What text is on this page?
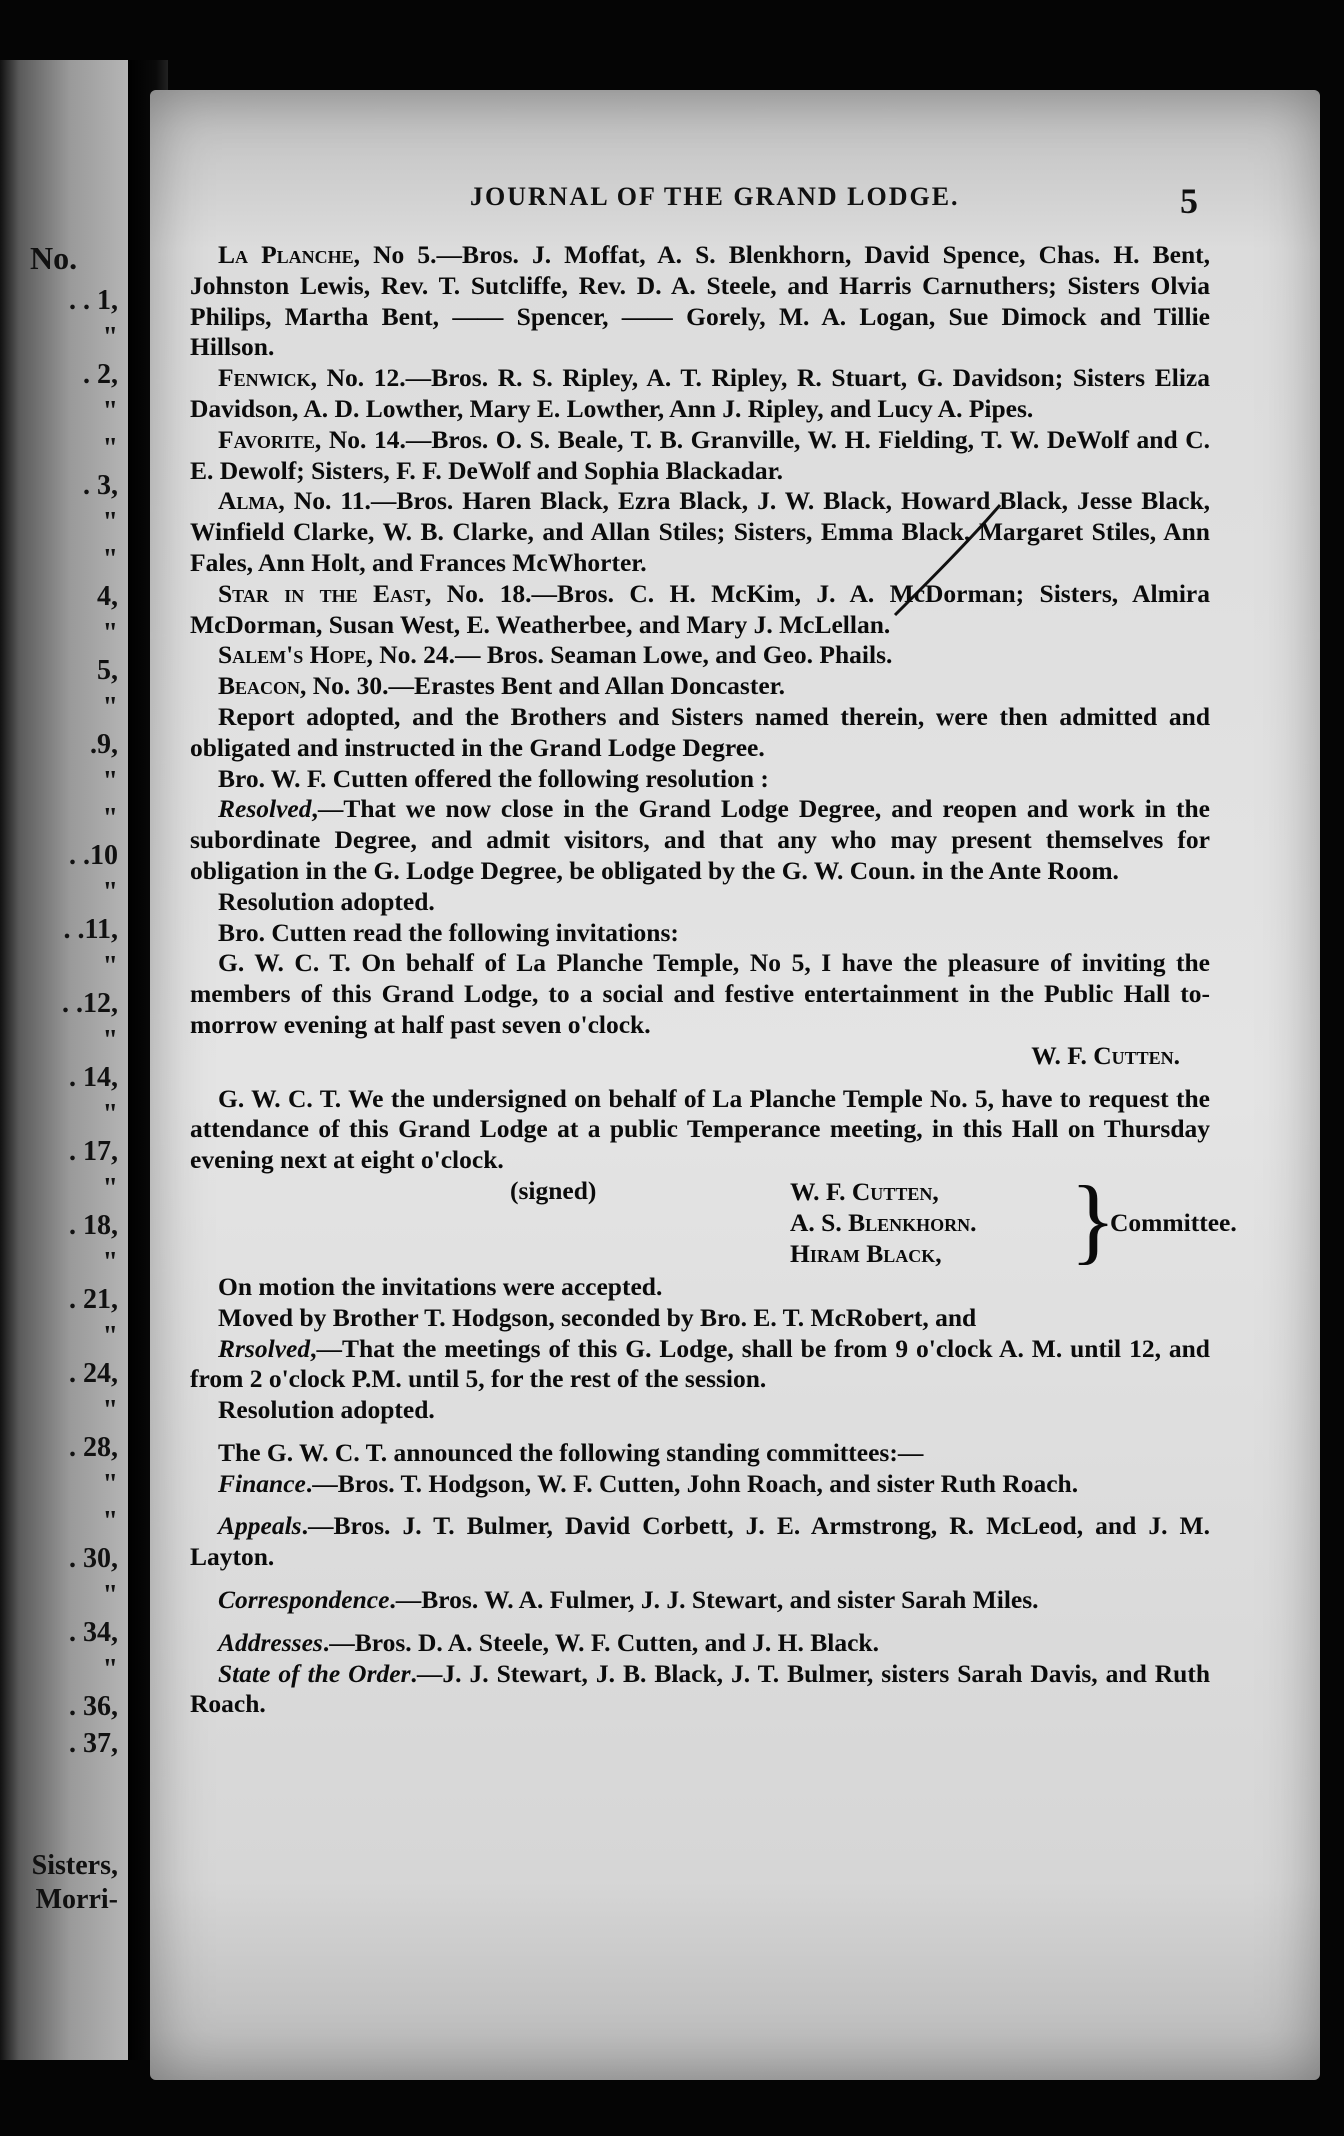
No.
. . 1,
"
. 2,
"
"
. 3,
"
"
4,
"
5,
"
.9,
"
"
. .10
"
. .11,
"
. .12,
"
. 14,
"
. 17,
"
. 18,
"
. 21,
"
. 24,
"
. 28,
"
"
. 30,
"
. 34,
"
. 36,
. 37,
Sisters,
Morri-
JOURNAL OF THE GRAND LODGE.	5

La Planche, No 5.—Bros. J. Moffat, A. S. Blenkhorn, David Spence, Chas. H. Bent, Johnston Lewis, Rev. T. Sutcliffe, Rev. D. A. Steele, and Harris Carnuthers; Sisters Olvia Philips, Martha Bent, —— Spencer, —— Gorely, M. A. Logan, Sue Dimock and Tillie Hillson.

Fenwick, No. 12.—Bros. R. S. Ripley, A. T. Ripley, R. Stuart, G. Davidson; Sisters Eliza Davidson, A. D. Lowther, Mary E. Lowther, Ann J. Ripley, and Lucy A. Pipes.

Favorite, No. 14.—Bros. O. S. Beale, T. B. Granville, W. H. Fielding, T. W. DeWolf and C. E. Dewolf; Sisters, F. F. DeWolf and Sophia Blackadar.

Alma, No. 11.—Bros. Haren Black, Ezra Black, J. W. Black, Howard Black, Jesse Black, Winfield Clarke, W. B. Clarke, and Allan Stiles; Sisters, Emma Black, Margaret Stiles, Ann Fales, Ann Holt, and Frances McWhorter.

Star in the East, No. 18.—Bros. C. H. McKim, J. A. McDorman; Sisters, Almira McDorman, Susan West, E. Weatherbee, and Mary J. McLellan.

Salem's Hope, No. 24.— Bros. Seaman Lowe, and Geo. Phails.

Beacon, No. 30.—Erastes Bent and Allan Doncaster.

Report adopted, and the Brothers and Sisters named therein, were then admitted and obligated and instructed in the Grand Lodge Degree.

Bro. W. F. Cutten offered the following resolution :

Resolved,—That we now close in the Grand Lodge Degree, and reopen and work in the subordinate Degree, and admit visitors, and that any who may present themselves for obligation in the G. Lodge Degree, be obligated by the G. W. Coun. in the Ante Room.

Resolution adopted.

Bro. Cutten read the following invitations:

G. W. C. T. On behalf of La Planche Temple, No 5, I have the pleasure of inviting the members of this Grand Lodge, to a social and festive entertainment in the Public Hall to-morrow evening at half past seven o'clock.

W. F. Cutten.

G. W. C. T. We the undersigned on behalf of La Planche Temple No. 5, have to request the attendance of this Grand Lodge at a public Temperance meeting, in this Hall on Thursday evening next at eight o'clock.

(signed)	W. F. Cutten,
A. S. Blenkhorn.
Hiram Black,	}
Committee.

On motion the invitations were accepted.

Moved by Brother T. Hodgson, seconded by Bro. E. T. McRobert, and

Rrsolved,—That the meetings of this G. Lodge, shall be from 9 o'clock A. M. until 12, and from 2 o'clock P.M. until 5, for the rest of the session.

Resolution adopted.

The G. W. C. T. announced the following standing committees:—

Finance.—Bros. T. Hodgson, W. F. Cutten, John Roach, and sister Ruth Roach.

Appeals.—Bros. J. T. Bulmer, David Corbett, J. E. Armstrong, R. McLeod, and J. M. Layton.

Correspondence.—Bros. W. A. Fulmer, J. J. Stewart, and sister Sarah Miles.

Addresses.—Bros. D. A. Steele, W. F. Cutten, and J. H. Black.

State of the Order.—J. J. Stewart, J. B. Black, J. T. Bulmer, sisters Sarah Davis, and Ruth Roach.
